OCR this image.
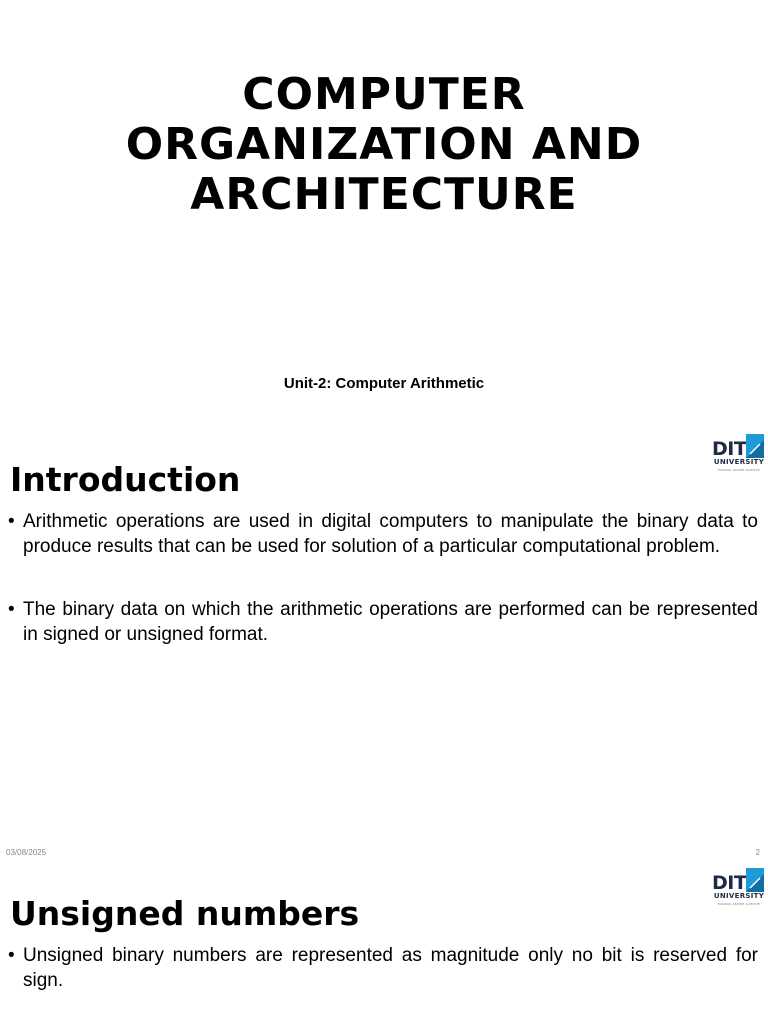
COMPUTER
ORGANIZATION AND
ARCHITECTURE
Unit-2: Computer Arithmetic
DIT
UNIVERSITY
MAKING ASPIRE ACHIEVE
Introduction
• Arithmetic operations are used in digital computers to manipulate the binary data to produce results that can be used for solution of a particular computational problem.
• The binary data on which the arithmetic operations are performed can be represented in signed or unsigned format.
03/08/2025	2
DIT
UNIVERSITY
MAKING ASPIRE ACHIEVE
Unsigned numbers
• Unsigned binary numbers are represented as magnitude only no bit is reserved for sign.
